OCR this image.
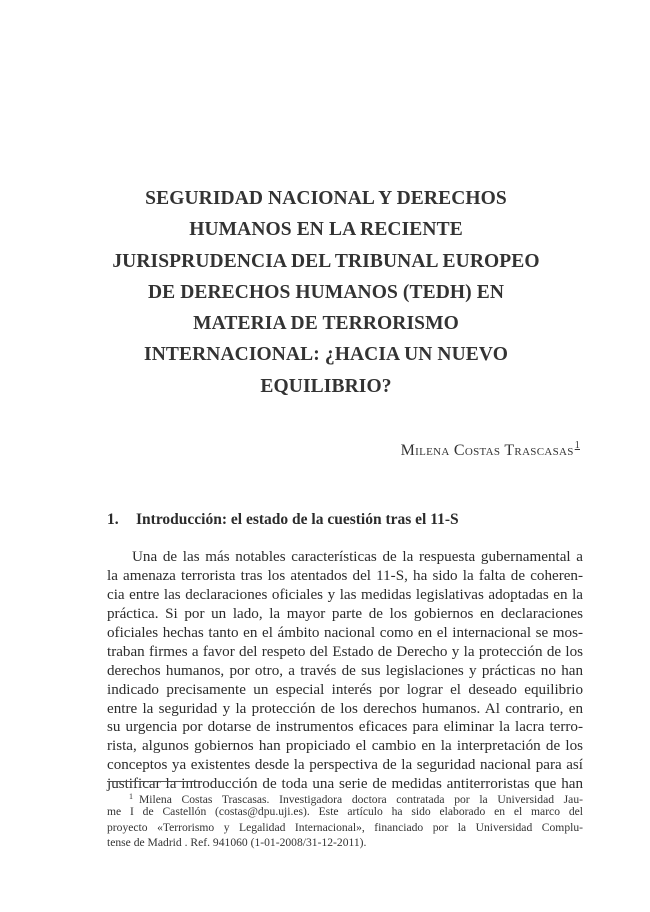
SEGURIDAD NACIONAL Y DERECHOS
HUMANOS EN LA RECIENTE
JURISPRUDENCIA DEL TRIBUNAL EUROPEO
DE DERECHOS HUMANOS (TEDH) EN
MATERIA DE TERRORISMO
INTERNACIONAL: ¿HACIA UN NUEVO
EQUILIBRIO?
Milena Costas Trascasas$^1$
1. Introducción: el estado de la cuestión tras el 11-S
Una de las más notables características de la respuesta gubernamental a
la amenaza terrorista tras los atentados del 11-S, ha sido la falta de coheren-
cia entre las declaraciones oficiales y las medidas legislativas adoptadas en la
práctica. Si por un lado, la mayor parte de los gobiernos en declaraciones
oficiales hechas tanto en el ámbito nacional como en el internacional se mos-
traban firmes a favor del respeto del Estado de Derecho y la protección de los
derechos humanos, por otro, a través de sus legislaciones y prácticas no han
indicado precisamente un especial interés por lograr el deseado equilibrio
entre la seguridad y la protección de los derechos humanos. Al contrario, en
su urgencia por dotarse de instrumentos eficaces para eliminar la lacra terro-
rista, algunos gobiernos han propiciado el cambio en la interpretación de los
conceptos ya existentes desde la perspectiva de la seguridad nacional para así
justificar la introducción de toda una serie de medidas antiterroristas que han
$^1$ Milena Costas Trascasas. Investigadora doctora contratada por la Universidad Jau-
me I de Castellón (costas@dpu.uji.es). Este artículo ha sido elaborado en el marco del
proyecto «Terrorismo y Legalidad Internacional», financiado por la Universidad Complu-
tense de Madrid . Ref. 941060 (1-01-2008/31-12-2011).
